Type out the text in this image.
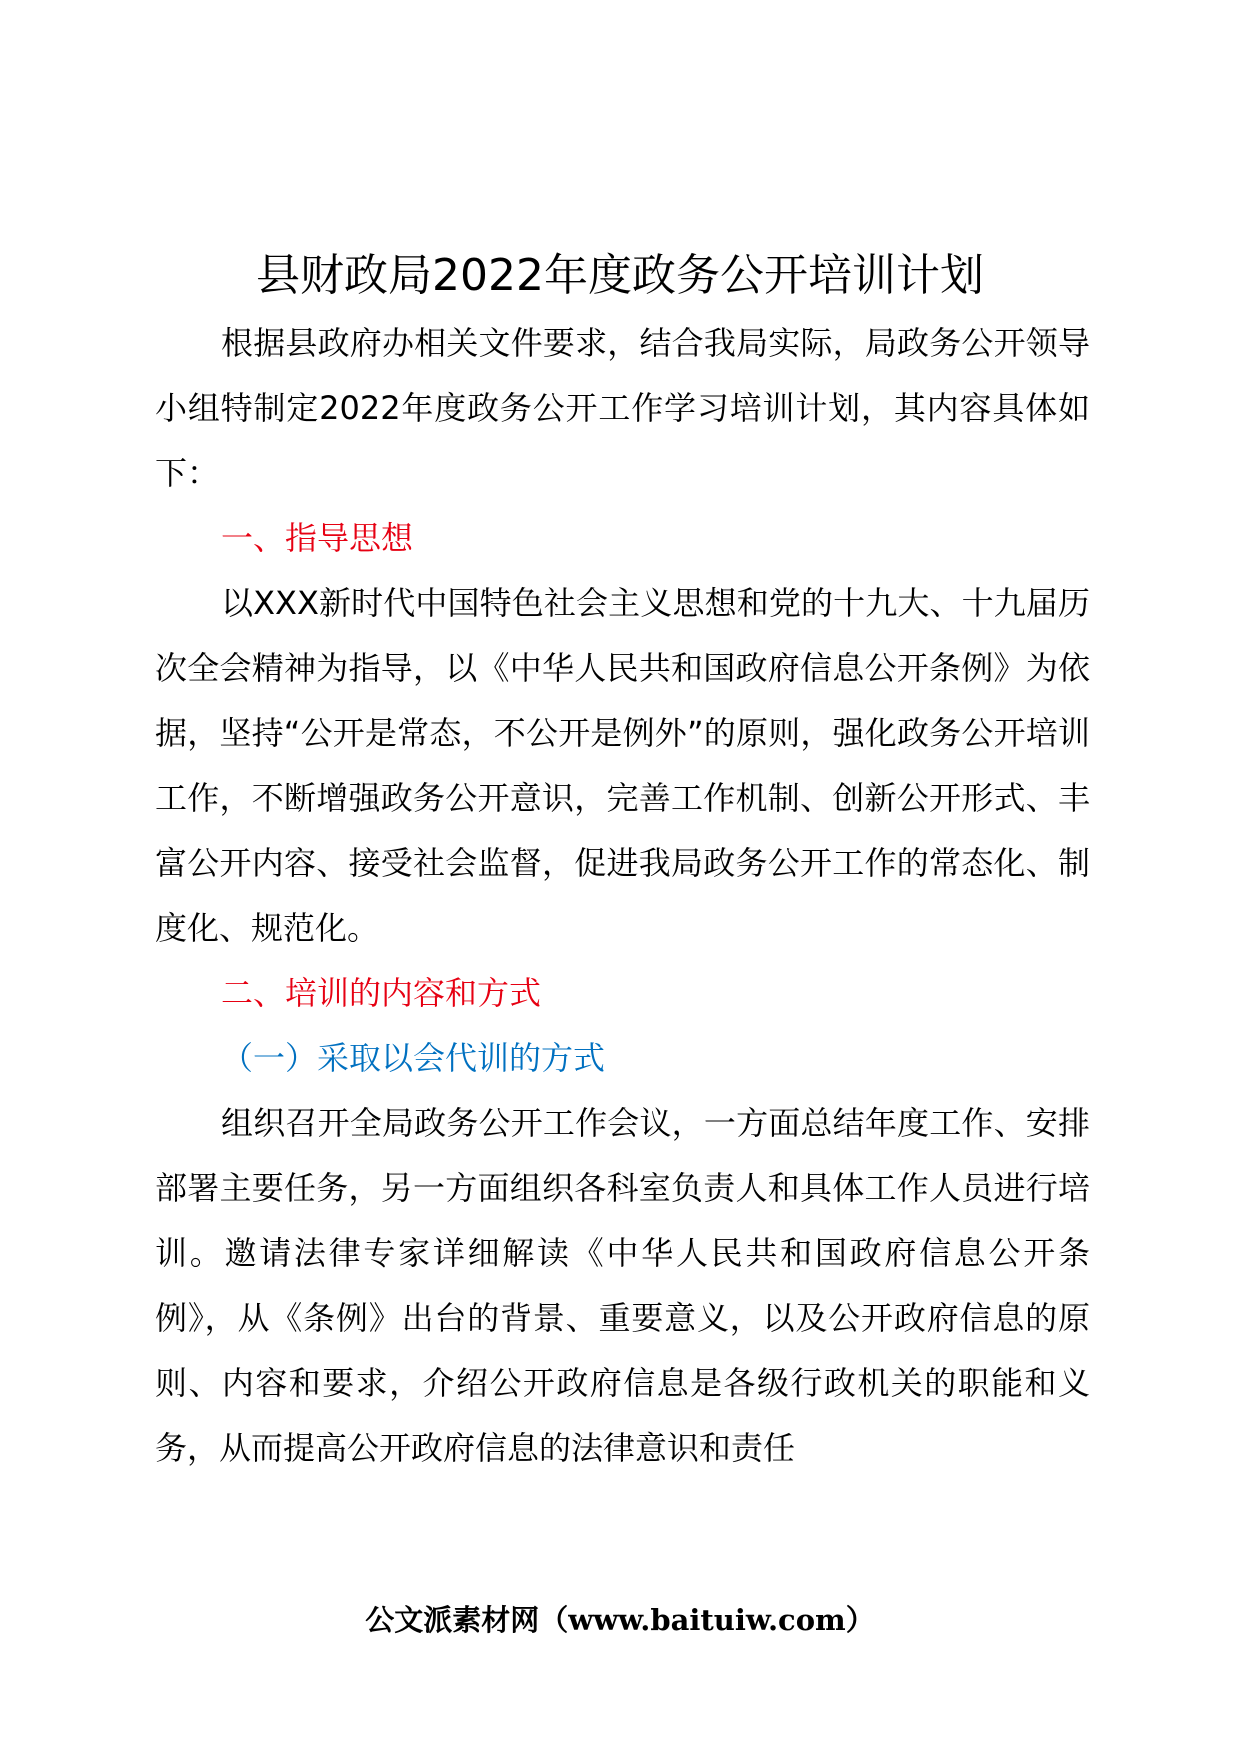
县财政局2022年度政务公开培训计划

根据县政府办相关文件要求，结合我局实际，局政务公开领导小组特制定2022年度政务公开工作学习培训计划，其内容具体如下：

一、指导思想

以XXX新时代中国特色社会主义思想和党的十九大、十九届历次全会精神为指导，以《中华人民共和国政府信息公开条例》为依据，坚持“公开是常态，不公开是例外”的原则，强化政务公开培训工作，不断增强政务公开意识，完善工作机制、创新公开形式、丰富公开内容、接受社会监督，促进我局政务公开工作的常态化、制度化、规范化。

二、培训的内容和方式

（一）采取以会代训的方式

组织召开全局政务公开工作会议，一方面总结年度工作、安排部署主要任务，另一方面组织各科室负责人和具体工作人员进行培训。邀请法律专家详细解读《中华人民共和国政府信息公开条例》，从《条例》出台的背景、重要意义，以及公开政府信息的原则、内容和要求，介绍公开政府信息是各级行政机关的职能和义务，从而提高公开政府信息的法律意识和责任

公文派素材网（www.baituiw.com）
